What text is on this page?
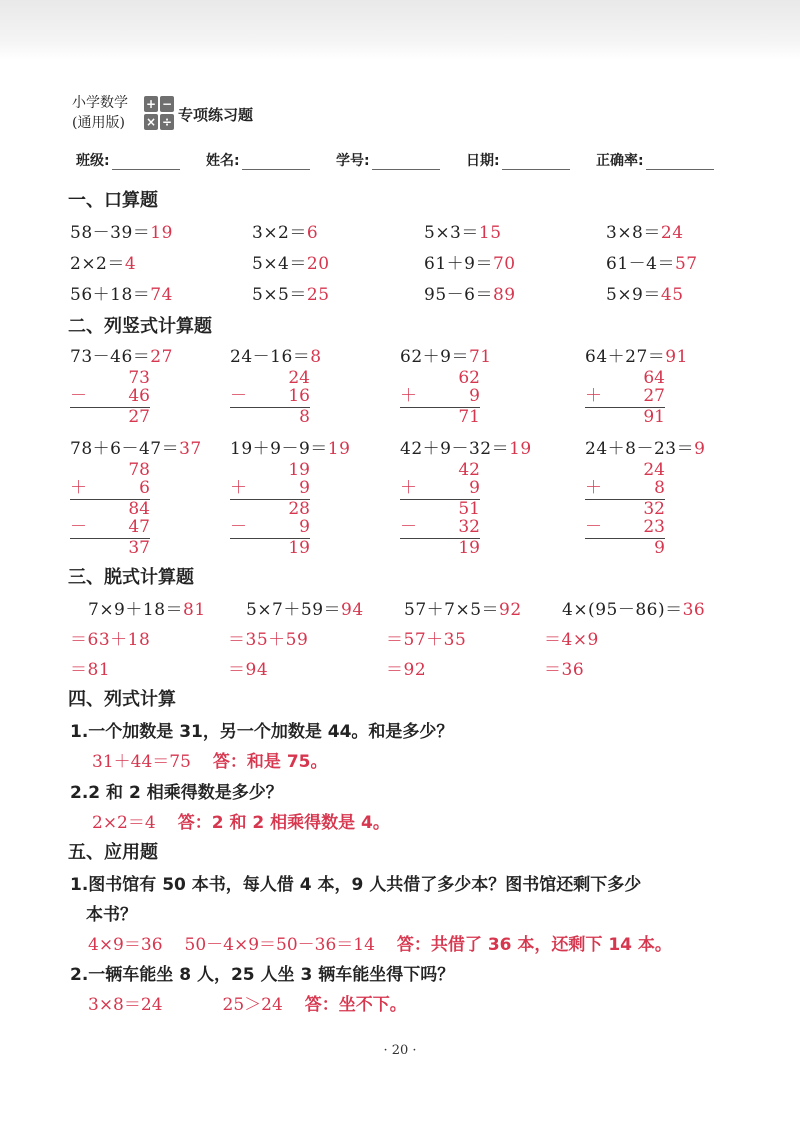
小学数学
(通用版)
+ −
× ÷ 专项练习题
班级:	姓名:	学号:	日期:	正确率:
一、口算题
58－39＝19	3×2＝6	5×3＝15	3×8＝24
2×2＝4	5×4＝20	61＋9＝70	61－4＝57
56＋18＝74	5×5＝25	95－6＝89	5×9＝45
二、列竖式计算题
73－46＝27	24－16＝8	62＋9＝71	64＋27＝91
73
－ 46
27
24
－ 16
8
62
＋	9
71
64
＋ 27
91
78＋6－47＝37 19＋9－9＝19	42＋9－32＝19	24＋8－23＝9
78
＋	6
84
－ 47
37
19
＋	9
28
－	9
19
42
＋	9
51
－ 32
19
24
＋	8
32
－ 23
9
三、脱式计算题
7×9＋18＝81 5×7＋59＝94 57＋7×5＝92 4×(95－86)＝36
＝63＋18	＝35＋59	＝57＋35	＝4×9
＝81	＝94	＝92	＝36
四、列式计算
1.一个加数是 31，另一个加数是 44。和是多少？
31＋44＝75 答：和是 75。
2.2 和 2 相乘得数是多少？
2×2＝4 答：2 和 2 相乘得数是 4。
五、应用题
1.图书馆有 50 本书，每人借 4 本，9 人共借了多少本？图书馆还剩下多少
本书？
4×9＝36 50－4×9＝50－36＝14 答：共借了 36 本，还剩下 14 本。
2.一辆车能坐 8 人，25 人坐 3 辆车能坐得下吗？
3×8＝24	25＞24 答：坐不下。
· 20 ·
